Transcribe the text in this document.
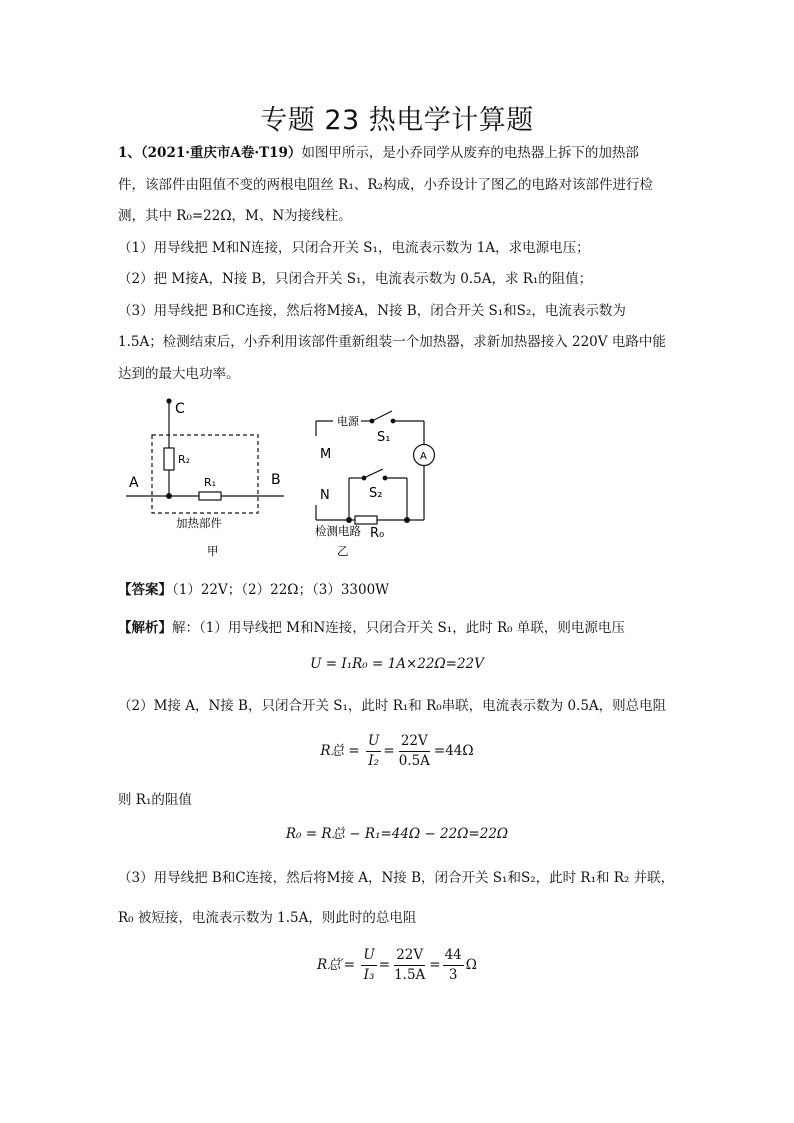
专题 23 热电学计算题
1、（2021·重庆市A卷·T19）如图甲所示，是小乔同学从废弃的电热器上拆下的加热部
件，该部件由阻值不变的两根电阻丝 R₁、R₂构成，小乔设计了图乙的电路对该部件进行检
测，其中 R₀=22Ω，M、N为接线柱。
（1）用导线把 M和N连接，只闭合开关 S₁，电流表示数为 1A，求电源电压；
（2）把 M接A，N接 B，只闭合开关 S₁，电流表示数为 0.5A，求 R₁的阻值；
（3）用导线把 B和C连接，然后将M接A，N接 B，闭合开关 S₁和S₂，电流表示数为
1.5A；检测结束后，小乔利用该部件重新组装一个加热器，求新加热器接入 220V 电路中能
达到的最大电功率。
C
A	B
R₂
R₁
加热部件
甲
电源
S₁
A
M
N	S₂
检测电路 R₀
乙
【答案】（1）22V；（2）22Ω；（3）3300W
【解析】解：（1）用导线把 M和N连接，只闭合开关 S₁，此时 R₀ 单联，则电源电压
U = I₁R₀ = 1A×22Ω=22V
（2）M接 A，N接 B，只闭合开关 S₁，此时 R₁和 R₀串联，电流表示数为 0.5A，则总电阻
R总 = $\frac{U}{\text{I₂}} = \frac{22V}{0.5A} =44\Omega$
则 R₁的阻值
R₀ = R总 − R₁=44Ω − 22Ω=22Ω
（3）用导线把 B和C连接，然后将M接 A，N接 B，闭合开关 S₁和S₂，此时 R₁和 R₂ 并联，
R₀ 被短接，电流表示数为 1.5A，则此时的总电阻
R总′= $\frac{U}{\text{I₃}} = \frac{22V}{1.5A} = \frac{44}{3}$ Ω
